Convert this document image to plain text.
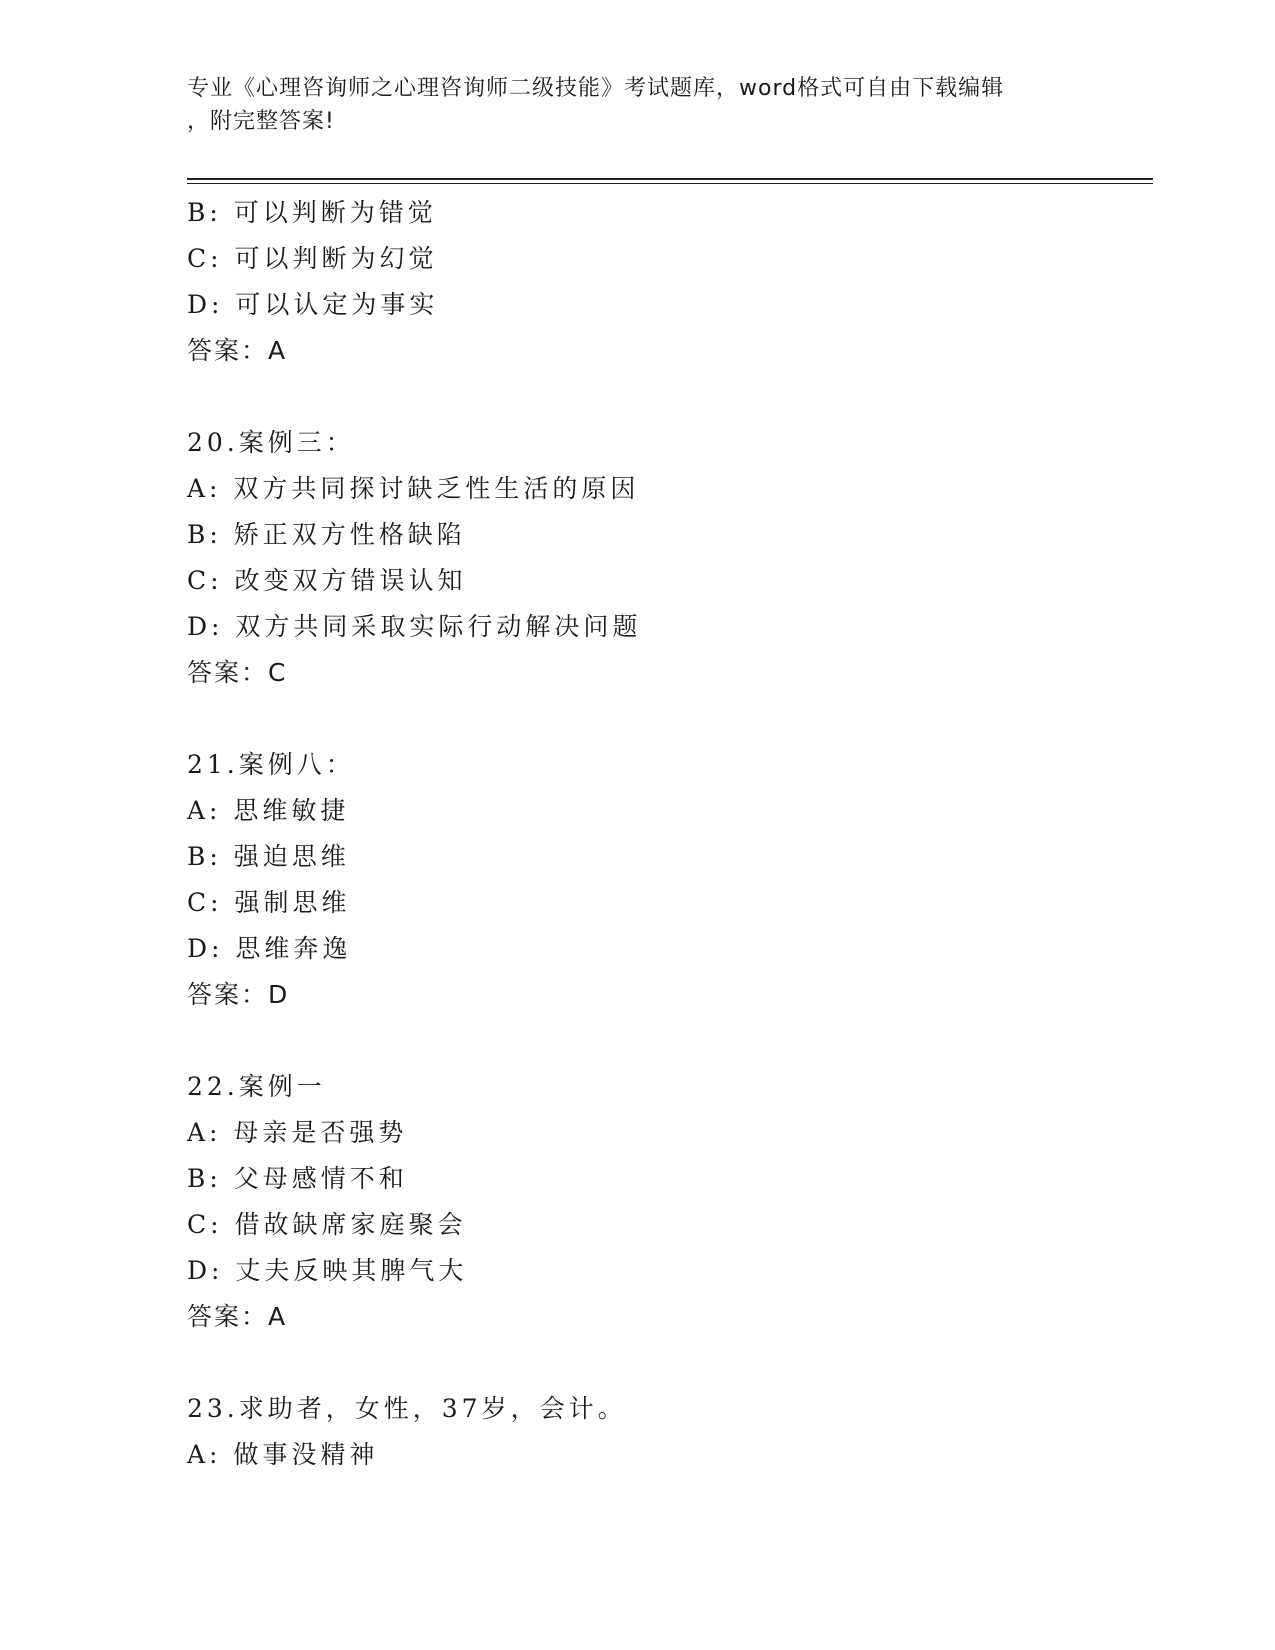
专业《心理咨询师之心理咨询师二级技能》考试题库，word格式可自由下载编辑
，附完整答案!
B: 可以判断为错觉
C: 可以判断为幻觉
D: 可以认定为事实
答案：A
20.案例三：
A: 双方共同探讨缺乏性生活的原因
B: 矫正双方性格缺陷
C: 改变双方错误认知
D: 双方共同采取实际行动解决问题
答案：C
21.案例八：
A: 思维敏捷
B: 强迫思维
C: 强制思维
D: 思维奔逸
答案：D
22.案例一
A: 母亲是否强势
B: 父母感情不和
C: 借故缺席家庭聚会
D: 丈夫反映其脾气大
答案：A
23.求助者，女性，37岁，会计。
A: 做事没精神
